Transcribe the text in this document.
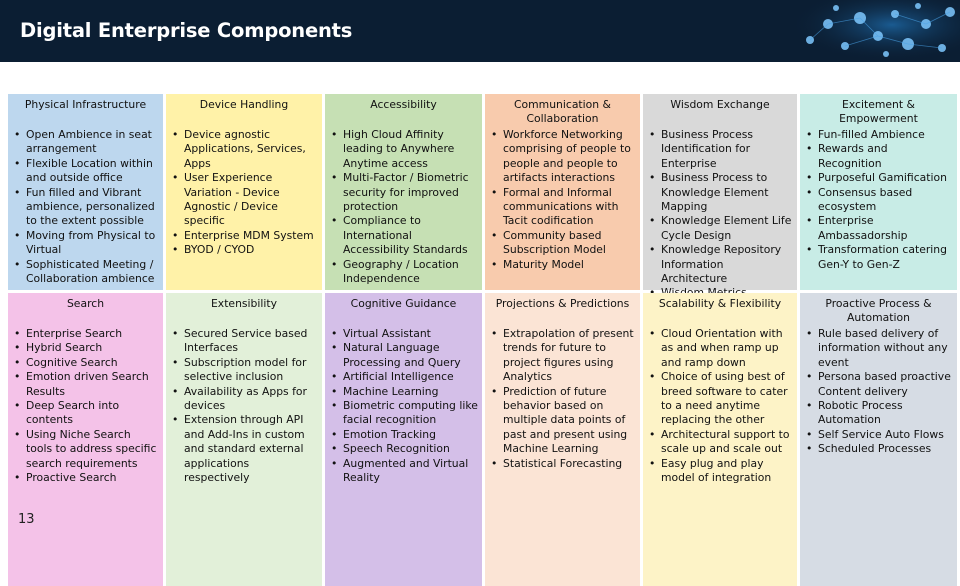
Digital Enterprise Components
Physical Infrastructure
• Open Ambience in seat arrangement
• Flexible Location within and outside office
• Fun filled and Vibrant ambience, personalized to the extent possible
• Moving from Physical to Virtual
• Sophisticated Meeting / Collaboration ambience
Device Handling
• Device agnostic Applications, Services, Apps
• User Experience Variation - Device Agnostic / Device specific
• Enterprise MDM System
• BYOD / CYOD
Accessibility
• High Cloud Affinity leading to Anywhere Anytime access
• Multi-Factor / Biometric security for improved protection
• Compliance to International Accessibility Standards
• Geography / Location Independence
Communication & Collaboration
• Workforce Networking comprising of people to people and people to artifacts interactions
• Formal and Informal communications with Tacit codification
• Community based Subscription Model
• Maturity Model
Wisdom Exchange
• Business Process Identification for Enterprise
• Business Process to Knowledge Element Mapping
• Knowledge Element Life Cycle Design
• Knowledge Repository Information Architecture
•
Excitement & Empowerment
• Fun-filled Ambience
• Rewards and Recognition
• Purposeful Gamification
• Consensus based ecosystem
• Enterprise Ambassadorship
• Transformation catering Gen-Y to Gen-Z
Search
• Enterprise Search
• Hybrid Search
• Cognitive Search
• Emotion driven Search Results
• Deep Search into contents
• Using Niche Search tools to address specific search requirements
• Proactive Search
Extensibility
• Secured Service based Interfaces
• Subscription model for selective inclusion
• Availability as Apps for devices
• Extension through API and Add-Ins in custom and standard external applications respectively
Cognitive Guidance
• Virtual Assistant
• Natural Language Processing and Query
• Artificial Intelligence
• Machine Learning
• Biometric computing like facial recognition
• Emotion Tracking
• Speech Recognition
• Augmented and Virtual Reality
Projections & Predictions
• Extrapolation of present trends for future to project figures using Analytics
• Prediction of future behavior based on multiple data points of past and present using Machine Learning
• Statistical Forecasting
Scalability & Flexibility
• Cloud Orientation with as and when ramp up and ramp down
• Choice of using best of breed software to cater to a need anytime replacing the other
• Architectural support to scale up and scale out
• Easy plug and play model of integration
Proactive Process & Automation
• Rule based delivery of information without any event
• Persona based proactive Content delivery
• Robotic Process Automation
• Self Service Auto Flows
• Scheduled Processes
13
